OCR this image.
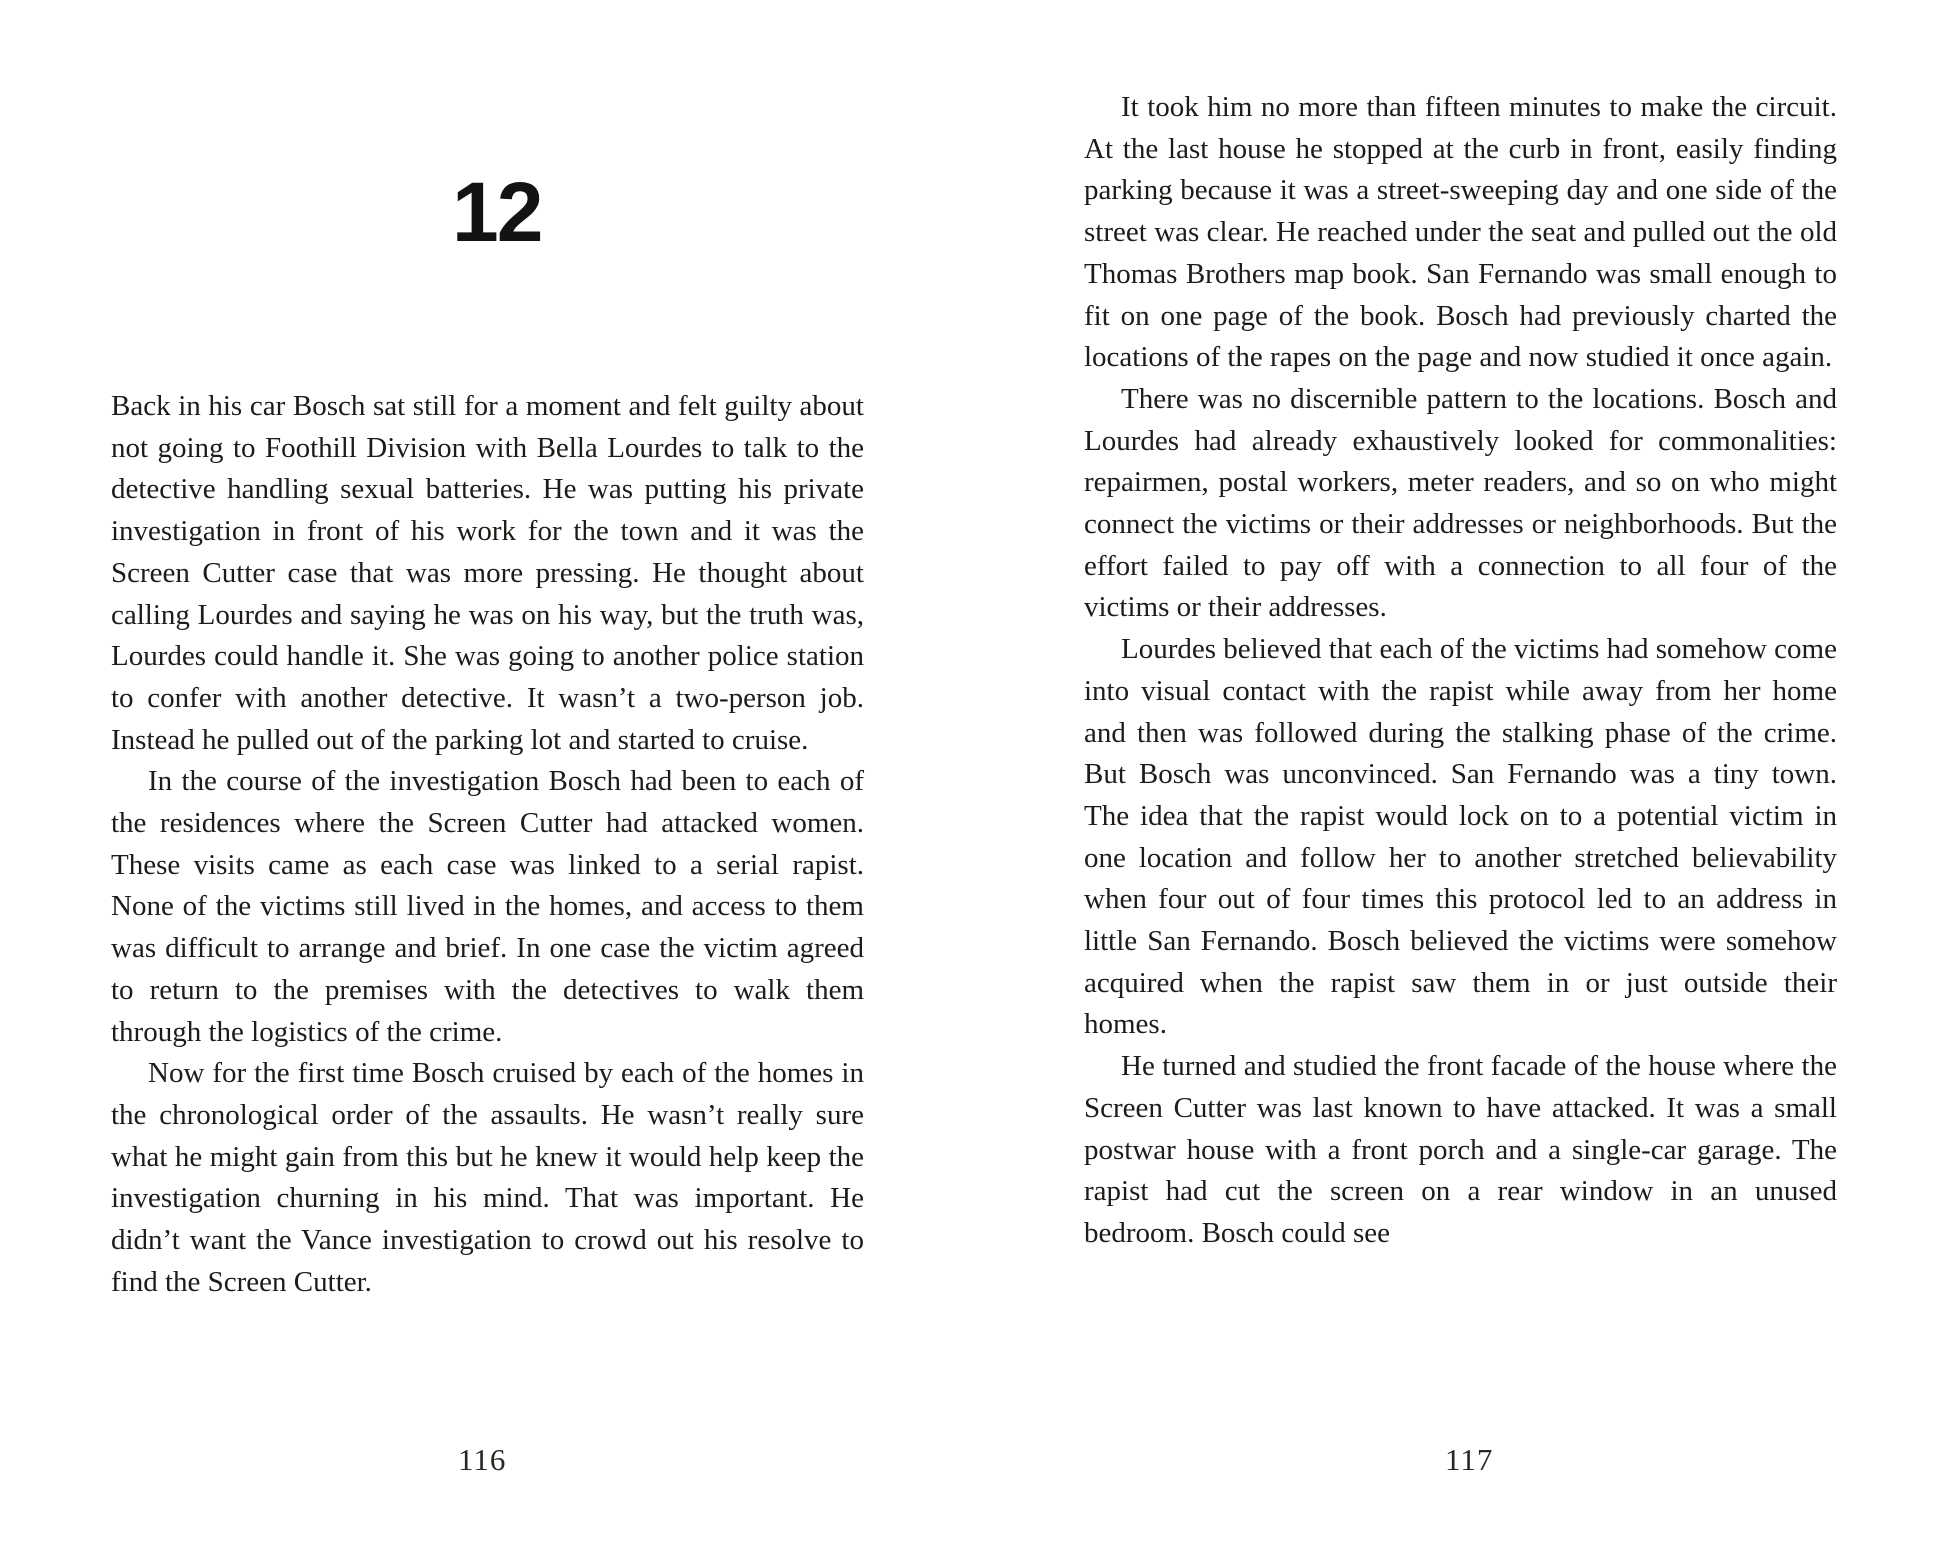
12

Back in his car Bosch sat still for a moment and felt guilty about not going to Foothill Division with Bella Lourdes to talk to the detective handling sexual batteries. He was putting his private investigation in front of his work for the town and it was the Screen Cutter case that was more pressing. He thought about calling Lourdes and saying he was on his way, but the truth was, Lourdes could handle it. She was going to another police station to confer with another detective. It wasn’t a two-person job. Instead he pulled out of the parking lot and started to cruise.

In the course of the investigation Bosch had been to each of the residences where the Screen Cutter had attacked women. These visits came as each case was linked to a serial rapist. None of the victims still lived in the homes, and access to them was difficult to arrange and brief. In one case the victim agreed to return to the premises with the detectives to walk them through the logistics of the crime.

Now for the first time Bosch cruised by each of the homes in the chronological order of the assaults. He wasn’t really sure what he might gain from this but he knew it would help keep the investigation churning in his mind. That was important. He didn’t want the Vance investigation to crowd out his resolve to find the Screen Cutter.

116

It took him no more than fifteen minutes to make the circuit. At the last house he stopped at the curb in front, easily finding parking because it was a street-sweeping day and one side of the street was clear. He reached under the seat and pulled out the old Thomas Brothers map book. San Fernando was small enough to fit on one page of the book. Bosch had previously charted the locations of the rapes on the page and now studied it once again.

There was no discernible pattern to the locations. Bosch and Lourdes had already exhaustively looked for commonalities: repairmen, postal workers, meter readers, and so on who might connect the victims or their addresses or neighborhoods. But the effort failed to pay off with a connection to all four of the victims or their addresses.

Lourdes believed that each of the victims had somehow come into visual contact with the rapist while away from her home and then was followed during the stalking phase of the crime. But Bosch was unconvinced. San Fernando was a tiny town. The idea that the rapist would lock on to a potential victim in one location and follow her to another stretched believability when four out of four times this protocol led to an address in little San Fernando. Bosch believed the victims were somehow acquired when the rapist saw them in or just outside their homes.

He turned and studied the front facade of the house where the Screen Cutter was last known to have attacked. It was a small postwar house with a front porch and a single-car garage. The rapist had cut the screen on a rear window in an unused bedroom. Bosch could see

117
